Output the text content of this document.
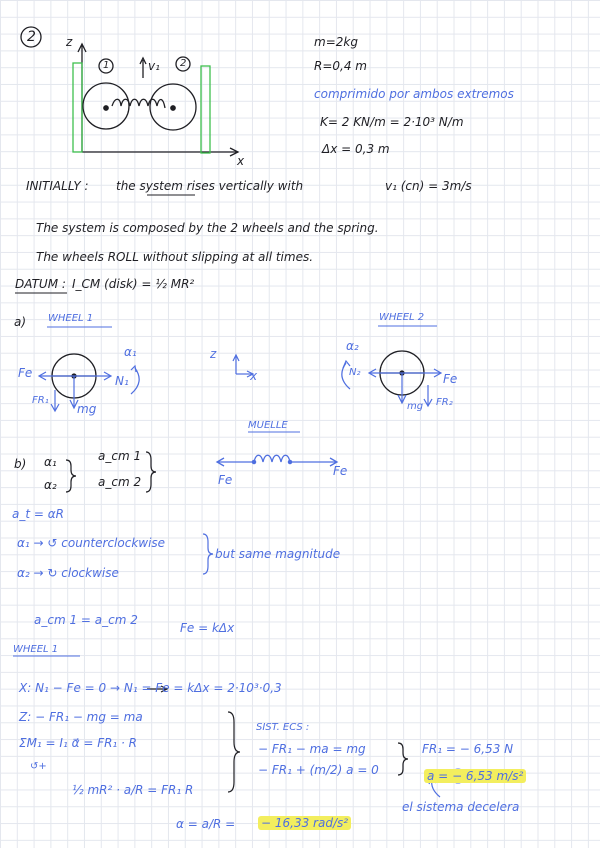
2	z
x
1	2
v₁
m=2kg
R=0,4 m
comprimido por ambos extremos
K= 2 KN/m = 2·10³ N/m
Δx = 0,3 m
INITIALLY : the system rises vertically with	v₁ (cn) = 3m/s
The system is composed by the 2 wheels and the spring.
The wheels ROLL without slipping at all times.
DATUM : I_CM (disk) = ½ MR²
a) WHEEL 1	WHEEL 2
Fe
FR₁
mg
N₁
α₁	z
x
α₂
N₂	Fe
FR₂
mg
MUELLE
Fe
Fe
b) α₁
α₂
a_cm 1
a_cm 2
a_t = αR
α₁ → ↺ counterclockwise
α₂ → ↻ clockwise
but same magnitude
a_cm 1 = a_cm 2
Fe = kΔx
WHEEL 1
X: N₁ − Fe = 0 → N₁ = Fe = kΔx = 2·10³·0,3
Z: − FR₁ − mg = ma
ΣM₁ = I₁ α⃗ = FR₁ · R
↺+
½ mR² · a/R = FR₁ R
SIST. ECS :
− FR₁ − ma = mg
− FR₁ + (m/2) a = 0
FR₁ = − 6,53 N
a = − 6,53 m/s²
el sistema decelera
α = a/R = − 16,33 rad/s²
